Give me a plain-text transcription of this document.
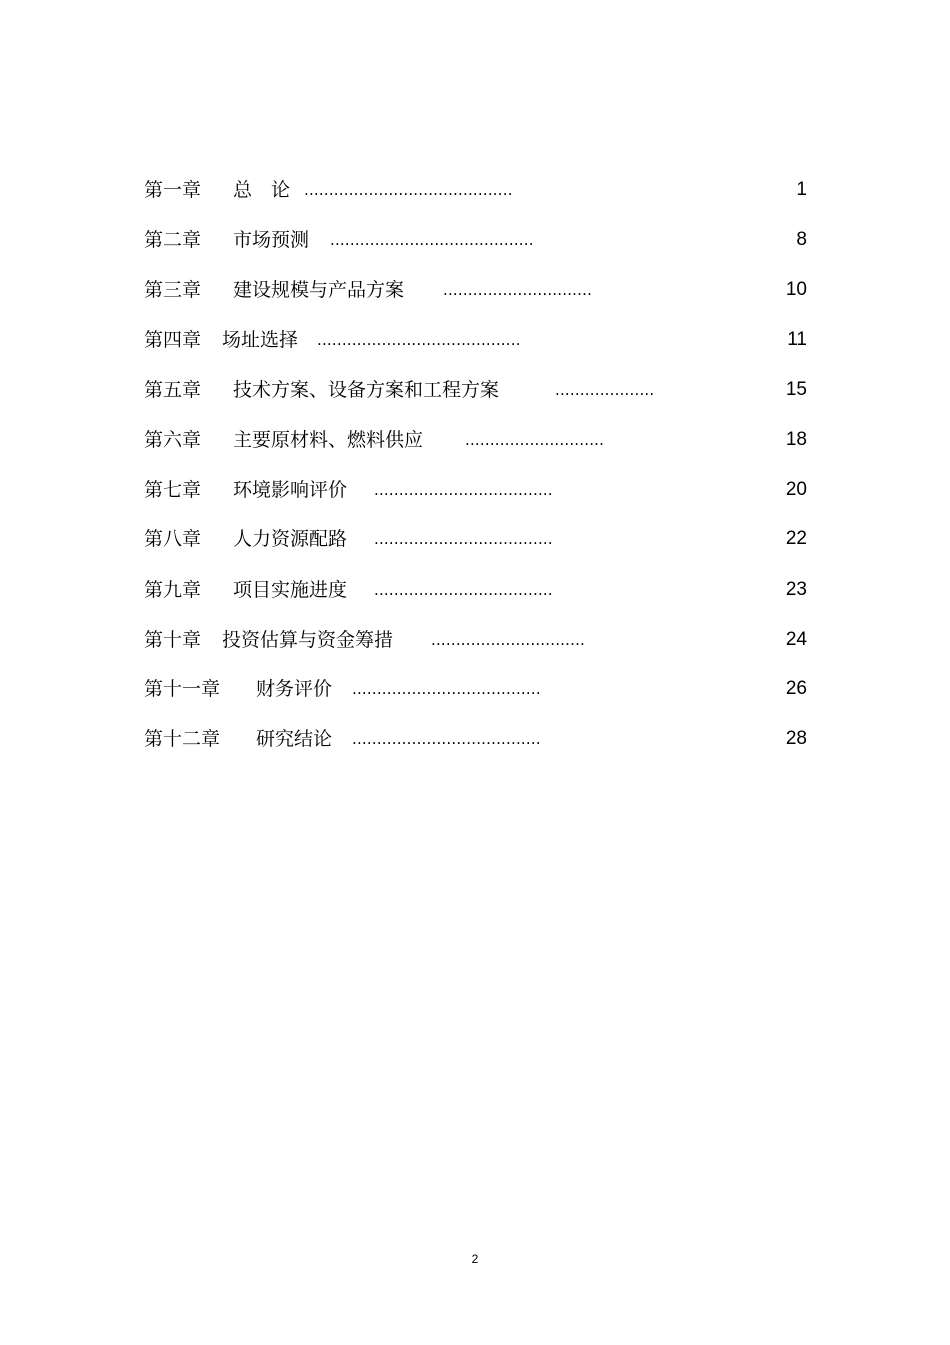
第一章 总　论 ..........................................	1
第二章 市场预测 .........................................	8
第三章 建设规模与产品方案	..............................	10
第四章 场址选择 .........................................	11
第五章 技术方案、设备方案和工程方案	....................	15
第六章 主要原材料、燃料供应	............................	18
第七章 环境影响评价 ....................................	20
第八章 人力资源配路 ....................................	22
第九章 项目实施进度 ....................................	23
第十章 投资估算与资金筹措	...............................	24
第十一章 财务评价 ......................................	26
第十二章 研究结论 ......................................	28
2
